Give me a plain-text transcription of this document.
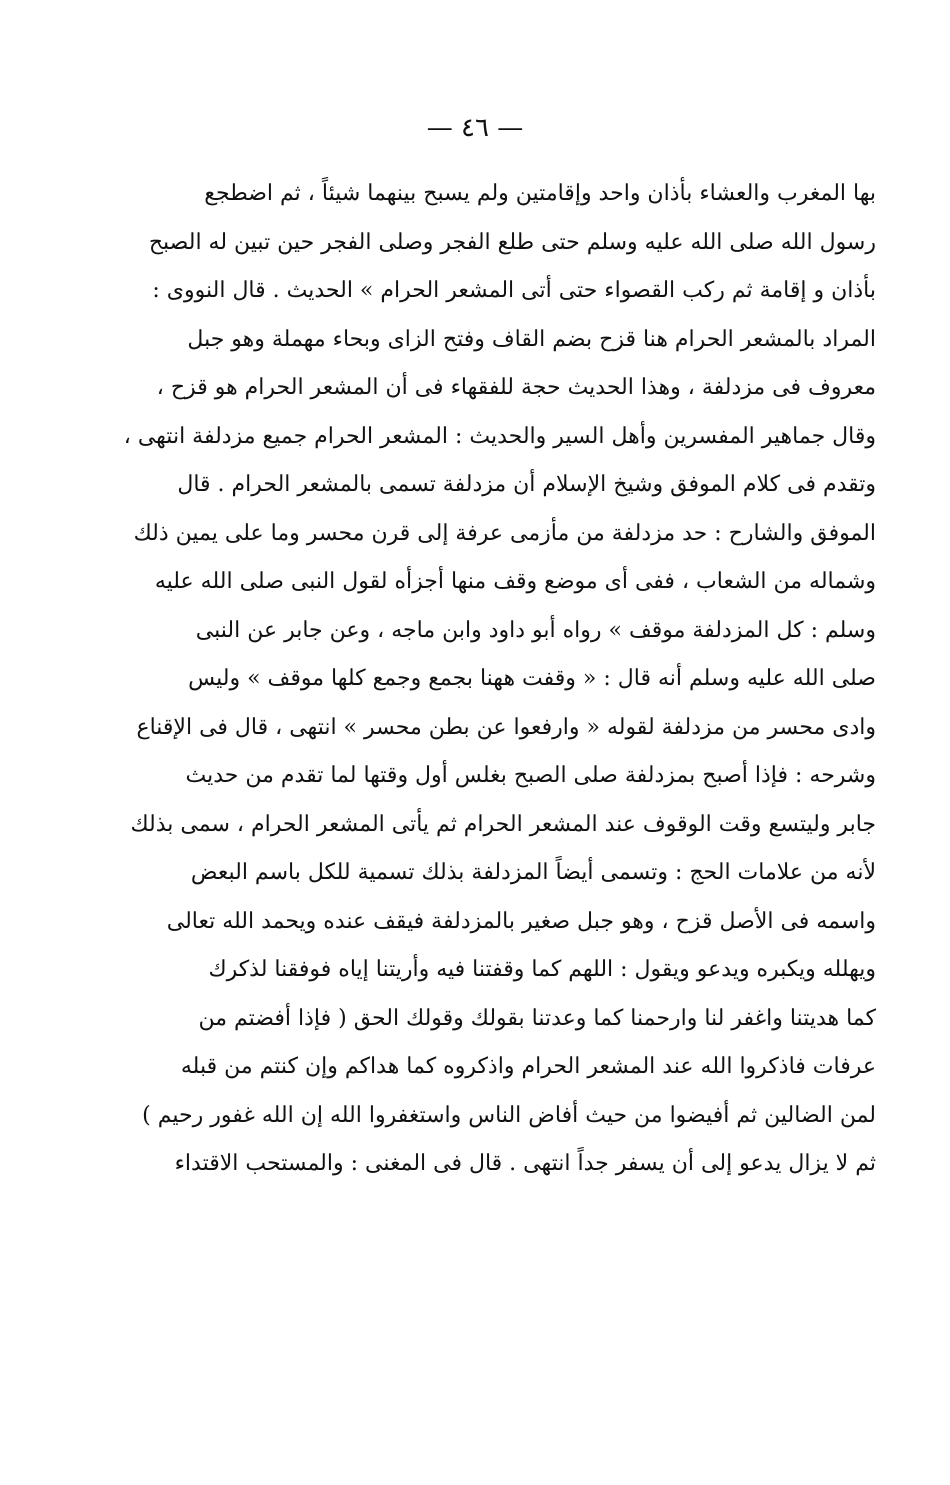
— ٤٦ —
بها المغرب والعشاء بأذان واحد وإقامتين ولم يسبح بينهما شيئاً ، ثم اضطجع
رسول الله صلى الله عليه وسلم حتى طلع الفجر وصلى الفجر حين تبين له الصبح
بأذان و إقامة ثم ركب القصواء حتى أتى المشعر الحرام » الحديث . قال النووى :
المراد بالمشعر الحرام هنا قزح بضم القاف وفتح الزاى وبحاء مهملة وهو جبل
معروف فى مزدلفة ، وهذا الحديث حجة للفقهاء فى أن المشعر الحرام هو قزح ،
وقال جماهير المفسرين وأهل السير والحديث : المشعر الحرام جميع مزدلفة انتهى ،
وتقدم فى كلام الموفق وشيخ الإسلام أن مزدلفة تسمى بالمشعر الحرام . قال
الموفق والشارح : حد مزدلفة من مأزمى عرفة إلى قرن محسر وما على يمين ذلك
وشماله من الشعاب ، ففى أى موضع وقف منها أجزأه لقول النبى صلى الله عليه
وسلم : كل المزدلفة موقف » رواه أبو داود وابن ماجه ، وعن جابر عن النبى
صلى الله عليه وسلم أنه قال : « وقفت ههنا بجمع وجمع كلها موقف » وليس
وادى محسر من مزدلفة لقوله « وارفعوا عن بطن محسر » انتهى ، قال فى الإقناع
وشرحه : فإذا أصبح بمزدلفة صلى الصبح بغلس أول وقتها لما تقدم من حديث
جابر وليتسع وقت الوقوف عند المشعر الحرام ثم يأتى المشعر الحرام ، سمى بذلك
لأنه من علامات الحج : وتسمى أيضاً المزدلفة بذلك تسمية للكل باسم البعض
واسمه فى الأصل قزح ، وهو جبل صغير بالمزدلفة فيقف عنده ويحمد الله تعالى
ويهلله ويكبره ويدعو ويقول : اللهم كما وقفتنا فيه وأريتنا إياه فوفقنا لذكرك
كما هديتنا واغفر لنا وارحمنا كما وعدتنا بقولك وقولك الحق ( فإذا أفضتم من
عرفات فاذكروا الله عند المشعر الحرام واذكروه كما هداكم وإن كنتم من قبله
لمن الضالين ثم أفيضوا من حيث أفاض الناس واستغفروا الله إن الله غفور رحيم )
ثم لا يزال يدعو إلى أن يسفر جداً انتهى . قال فى المغنى : والمستحب الاقتداء
